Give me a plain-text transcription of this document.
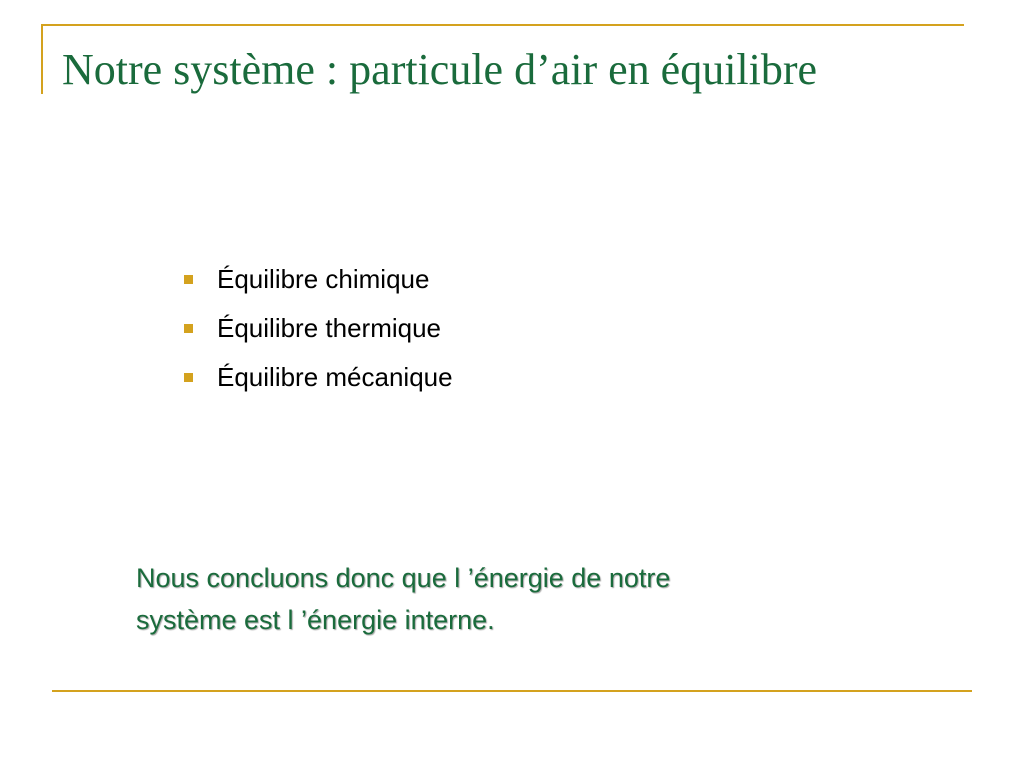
Notre système : particule d’air en équilibre
Équilibre chimique
Équilibre thermique
Équilibre mécanique

Nous concluons donc que l ’énergie de notre
système est l ’énergie interne.
